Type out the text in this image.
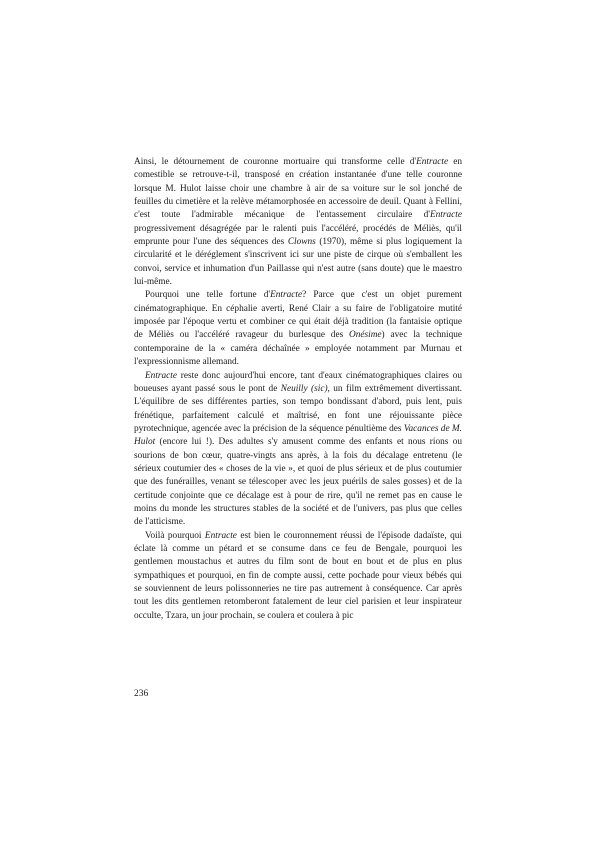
Ainsi, le détournement de couronne mortuaire qui transforme celle d'Entracte en comestible se retrouve-t-il, transposé en création instantanée d'une telle couronne lorsque M. Hulot laisse choir une chambre à air de sa voiture sur le sol jonché de feuilles du cimetière et la relève métamorphosée en accessoire de deuil. Quant à Fellini, c'est toute l'admirable mécanique de l'entassement circulaire d'Entracte progressivement désagrégée par le ralenti puis l'accéléré, procédés de Méliès, qu'il emprunte pour l'une des séquences des Clowns (1970), même si plus logiquement la circularité et le déréglement s'inscrivent ici sur une piste de cirque où s'emballent les convoi, service et inhumation d'un Paillasse qui n'est autre (sans doute) que le maestro lui-même.

Pourquoi une telle fortune d'Entracte? Parce que c'est un objet purement cinématographique. En céphalie averti, René Clair a su faire de l'obligatoire mutité imposée par l'époque vertu et combiner ce qui était déjà tradition (la fantaisie optique de Méliès ou l'accéléré ravageur du burlesque des Onésime) avec la technique contemporaine de la « caméra déchaînée » employée notamment par Murnau et l'expressionnisme allemand.

Entracte reste donc aujourd'hui encore, tant d'eaux cinématographiques claires ou boueuses ayant passé sous le pont de Neuilly (sic), un film extrêmement divertissant. L'équilibre de ses différentes parties, son tempo bondissant d'abord, puis lent, puis frénétique, parfaitement calculé et maîtrisé, en font une réjouissante pièce pyrotechnique, agencée avec la précision de la séquence pénultième des Vacances de M. Hulot (encore lui !). Des adultes s'y amusent comme des enfants et nous rions ou sourions de bon cœur, quatre-vingts ans après, à la fois du décalage entretenu (le sérieux coutumier des « choses de la vie », et quoi de plus sérieux et de plus coutumier que des funérailles, venant se télescoper avec les jeux puérils de sales gosses) et de la certitude conjointe que ce décalage est à pour de rire, qu'il ne remet pas en cause le moins du monde les structures stables de la société et de l'univers, pas plus que celles de l'atticisme.

Voilà pourquoi Entracte est bien le couronnement réussi de l'épisode dadaïste, qui éclate là comme un pétard et se consume dans ce feu de Bengale, pourquoi les gentlemen moustachus et autres du film sont de bout en bout et de plus en plus sympathiques et pourquoi, en fin de compte aussi, cette pochade pour vieux bébés qui se souviennent de leurs polissonneries ne tire pas autrement à conséquence. Car après tout les dits gentlemen retomberont fatalement de leur ciel parisien et leur inspirateur occulte, Tzara, un jour prochain, se coulera et coulera à pic

236
